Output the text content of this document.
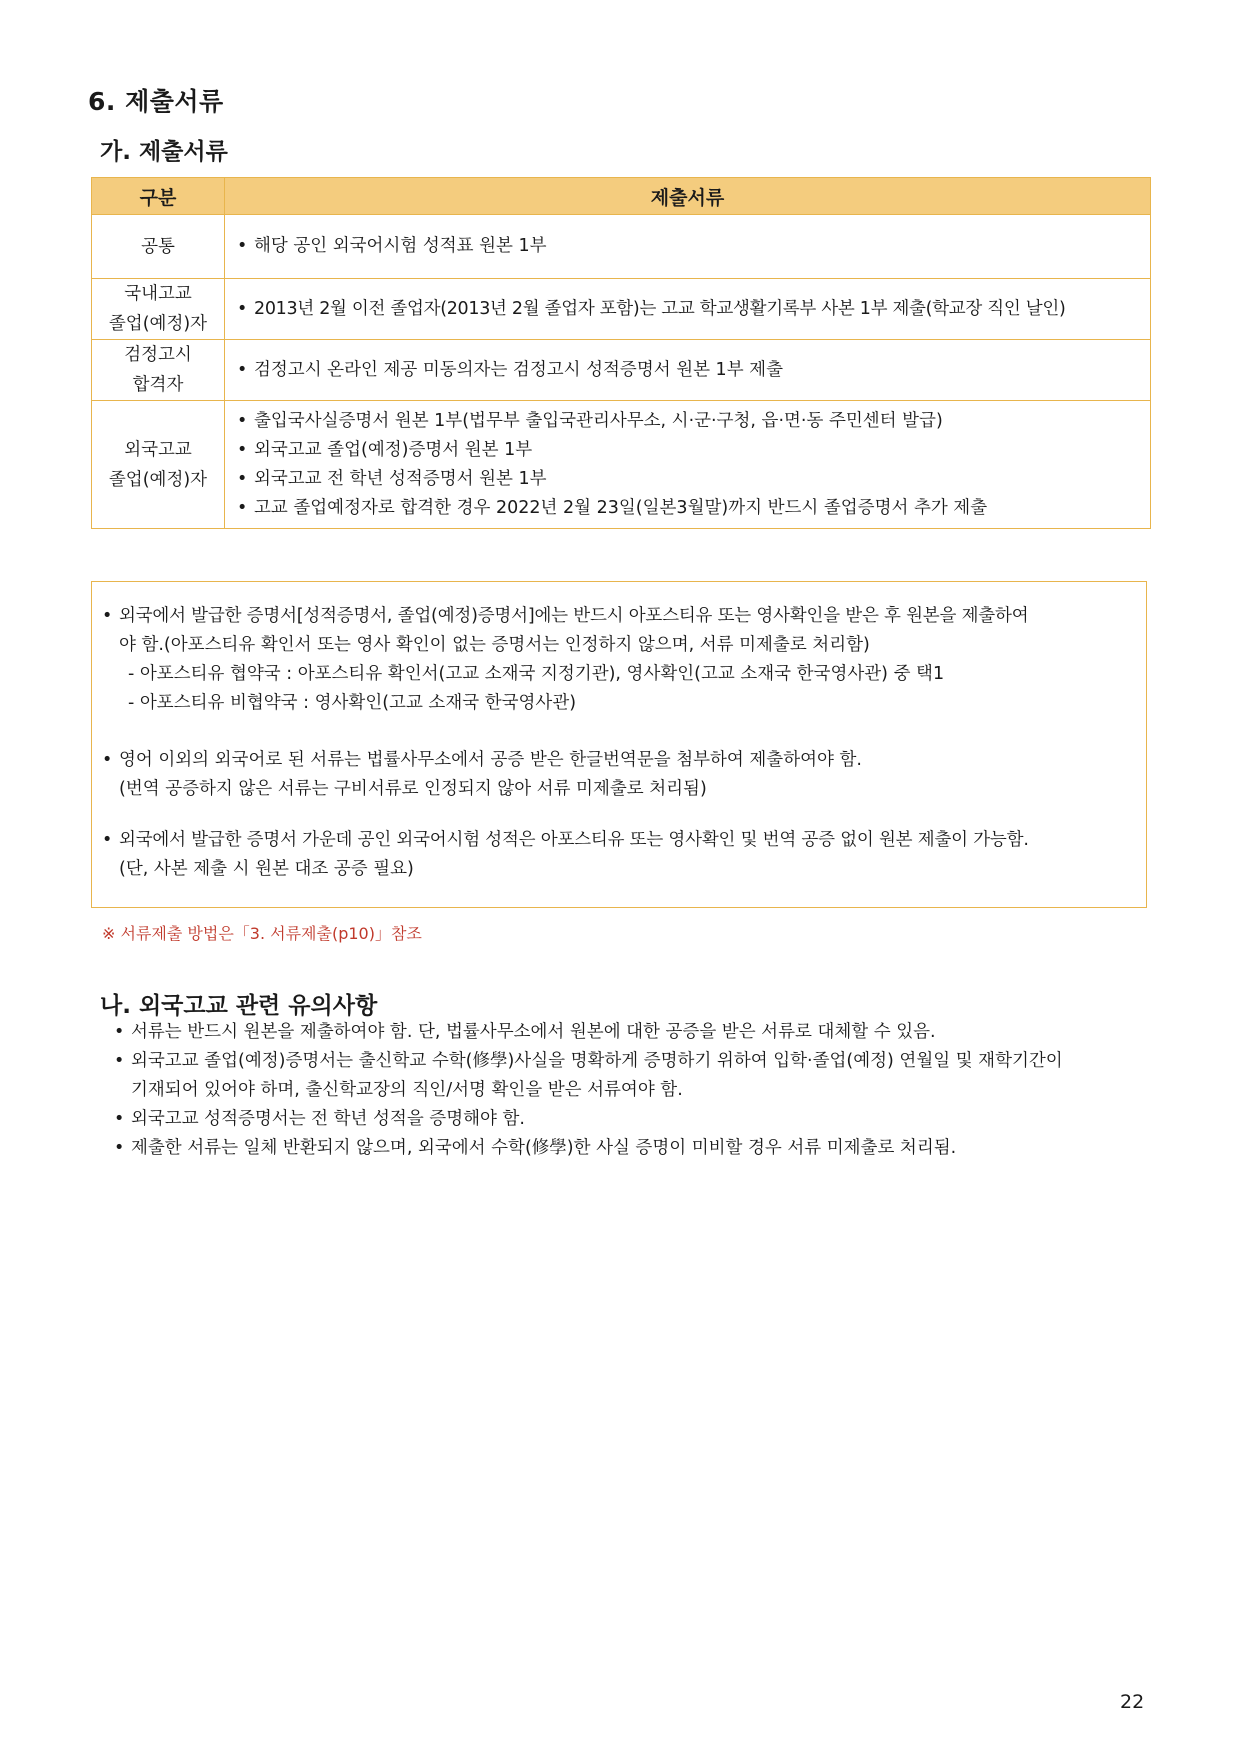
6. 제출서류
가. 제출서류
구분	제출서류
공통	• 해당 공인 외국어시험 성적표 원본 1부

국내고교
졸업(예정)자	• 2013년 2월 이전 졸업자(2013년 2월 졸업자 포함)는 고교 학교생활기록부 사본 1부 제출(학교장 직인 날인)

검정고시
합격자	• 검정고시 온라인 제공 미동의자는 검정고시 성적증명서 원본 1부 제출

외국고교
졸업(예정)자	• 출입국사실증명서 원본 1부(법무부 출입국관리사무소, 시·군·구청, 읍·면·동 주민센터 발급)
• 외국고교 졸업(예정)증명서 원본 1부
• 외국고교 전 학년 성적증명서 원본 1부
• 고교 졸업예정자로 합격한 경우 2022년 2월 23일(일본3월말)까지 반드시 졸업증명서 추가 제출
• 외국에서 발급한 증명서[성적증명서, 졸업(예정)증명서]에는 반드시 아포스티유 또는 영사확인을 받은 후 원본을 제출하여
야 함.(아포스티유 확인서 또는 영사 확인이 없는 증명서는 인정하지 않으며, 서류 미제출로 처리함)
- 아포스티유 협약국 : 아포스티유 확인서(고교 소재국 지정기관), 영사확인(고교 소재국 한국영사관) 중 택1
- 아포스티유 비협약국 : 영사확인(고교 소재국 한국영사관)
• 영어 이외의 외국어로 된 서류는 법률사무소에서 공증 받은 한글번역문을 첨부하여 제출하여야 함.
(번역 공증하지 않은 서류는 구비서류로 인정되지 않아 서류 미제출로 처리됨)
• 외국에서 발급한 증명서 가운데 공인 외국어시험 성적은 아포스티유 또는 영사확인 및 번역 공증 없이 원본 제출이 가능함.
(단, 사본 제출 시 원본 대조 공증 필요)
※ 서류제출 방법은「3. 서류제출(p10)」참조
나. 외국고교 관련 유의사항
• 서류는 반드시 원본을 제출하여야 함. 단, 법률사무소에서 원본에 대한 공증을 받은 서류로 대체할 수 있음.
• 외국고교 졸업(예정)증명서는 출신학교 수학(修學)사실을 명확하게 증명하기 위하여 입학·졸업(예정) 연월일 및 재학기간이
기재되어 있어야 하며, 출신학교장의 직인/서명 확인을 받은 서류여야 함.
• 외국고교 성적증명서는 전 학년 성적을 증명해야 함.
• 제출한 서류는 일체 반환되지 않으며, 외국에서 수학(修學)한 사실 증명이 미비할 경우 서류 미제출로 처리됨.
22
